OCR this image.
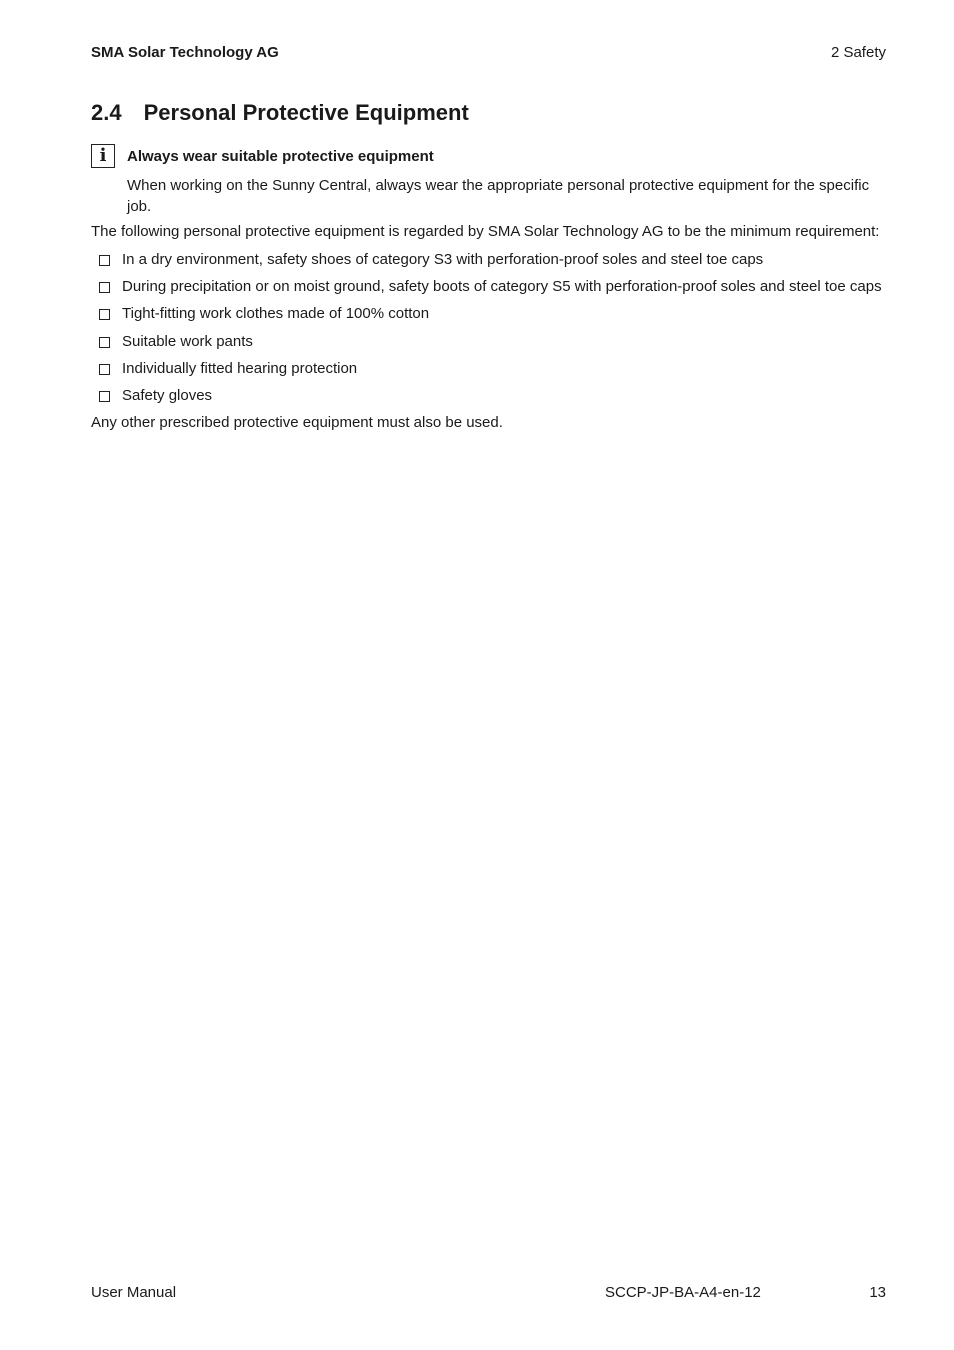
SMA Solar Technology AG	2 Safety
2.4 Personal Protective Equipment
i	Always wear suitable protective equipment
When working on the Sunny Central, always wear the appropriate personal protective equipment for the specific job.
The following personal protective equipment is regarded by SMA Solar Technology AG to be the minimum requirement:
In a dry environment, safety shoes of category S3 with perforation-proof soles and steel toe caps
During precipitation or on moist ground, safety boots of category S5 with perforation-proof soles and steel toe caps
Tight-fitting work clothes made of 100% cotton
Suitable work pants
Individually fitted hearing protection
Safety gloves
Any other prescribed protective equipment must also be used.
User Manual	SCCP-JP-BA-A4-en-12	13
